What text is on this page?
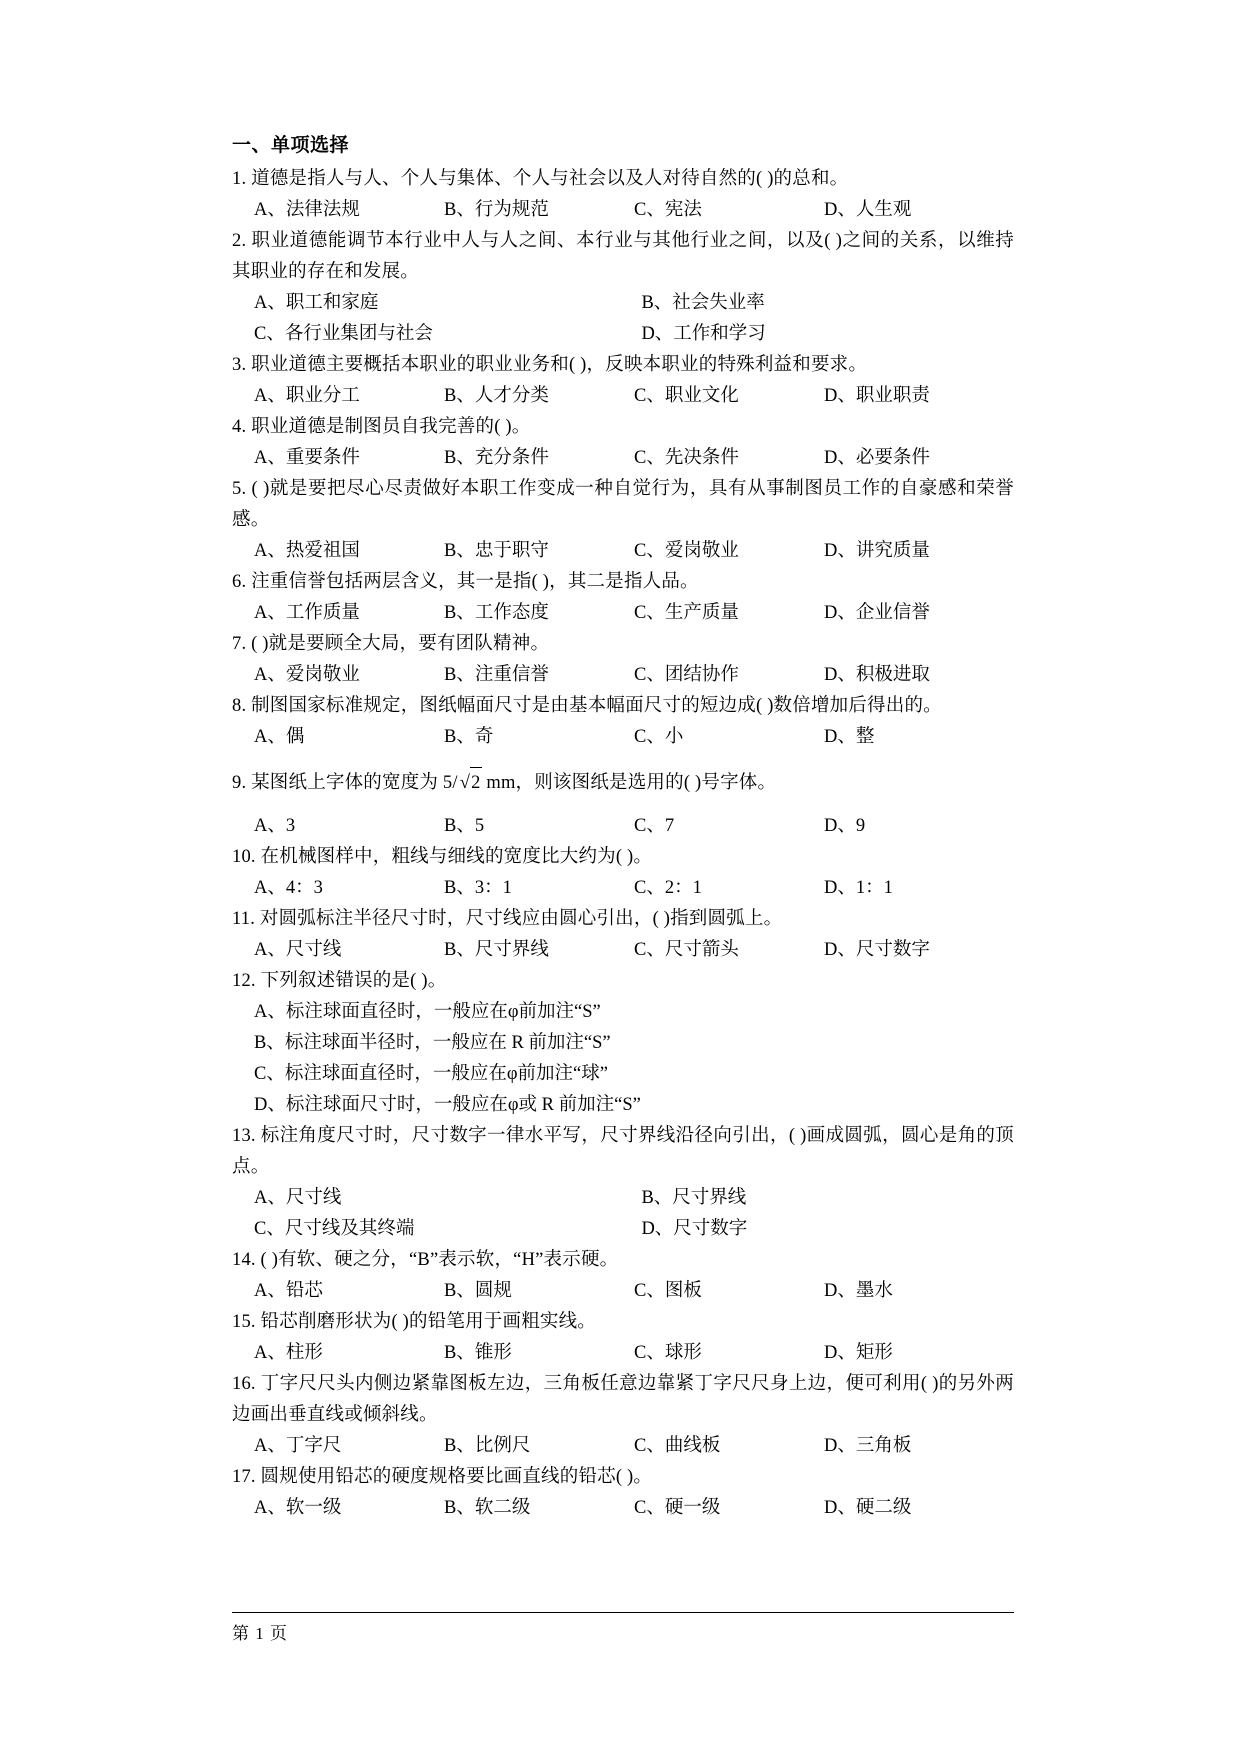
一、单项选择
1. 道德是指人与人、个人与集体、个人与社会以及人对待自然的( )的总和。
A、法律法规	B、行为规范	C、宪法	D、人生观
2. 职业道德能调节本行业中人与人之间、本行业与其他行业之间，以及( )之间的关系，以维持其职业的存在和发展。
A、职工和家庭	B、社会失业率
C、各行业集团与社会	D、工作和学习
3. 职业道德主要概括本职业的职业业务和( )，反映本职业的特殊利益和要求。
A、职业分工	B、人才分类	C、职业文化	D、职业职责
4. 职业道德是制图员自我完善的( )。
A、重要条件	B、充分条件	C、先决条件	D、必要条件
5. ( )就是要把尽心尽责做好本职工作变成一种自觉行为，具有从事制图员工作的自豪感和荣誉感。
A、热爱祖国	B、忠于职守	C、爱岗敬业	D、讲究质量
6. 注重信誉包括两层含义，其一是指( )，其二是指人品。
A、工作质量	B、工作态度	C、生产质量	D、企业信誉
7. ( )就是要顾全大局，要有团队精神。
A、爱岗敬业	B、注重信誉	C、团结协作	D、积极进取
8. 制图国家标准规定，图纸幅面尺寸是由基本幅面尺寸的短边成( )数倍增加后得出的。
A、偶	B、奇	C、小	D、整
9. 某图纸上字体的宽度为 5/ √2 mm，则该图纸是选用的( )号字体。
A、3	B、5	C、7	D、9
10. 在机械图样中，粗线与细线的宽度比大约为( )。
A、4：3	B、3：1	C、2：1	D、1：1
11. 对圆弧标注半径尺寸时，尺寸线应由圆心引出，( )指到圆弧上。
A、尺寸线	B、尺寸界线	C、尺寸箭头	D、尺寸数字
12. 下列叙述错误的是( )。
A、标注球面直径时，一般应在φ前加注“S”
B、标注球面半径时，一般应在 R 前加注“S”
C、标注球面直径时，一般应在φ前加注“球”
D、标注球面尺寸时，一般应在φ或 R 前加注“S”
13. 标注角度尺寸时，尺寸数字一律水平写，尺寸界线沿径向引出，( )画成圆弧，圆心是角的顶点。
A、尺寸线	B、尺寸界线
C、尺寸线及其终端	D、尺寸数字
14. ( )有软、硬之分，“B”表示软，“H”表示硬。
A、铅芯	B、圆规	C、图板	D、墨水
15. 铅芯削磨形状为( )的铅笔用于画粗实线。
A、柱形	B、锥形	C、球形	D、矩形
16. 丁字尺尺头内侧边紧靠图板左边，三角板任意边靠紧丁字尺尺身上边，便可利用( )的另外两边画出垂直线或倾斜线。
A、丁字尺	B、比例尺	C、曲线板	D、三角板
17. 圆规使用铅芯的硬度规格要比画直线的铅芯( )。
A、软一级	B、软二级	C、硬一级	D、硬二级
第 1 页
